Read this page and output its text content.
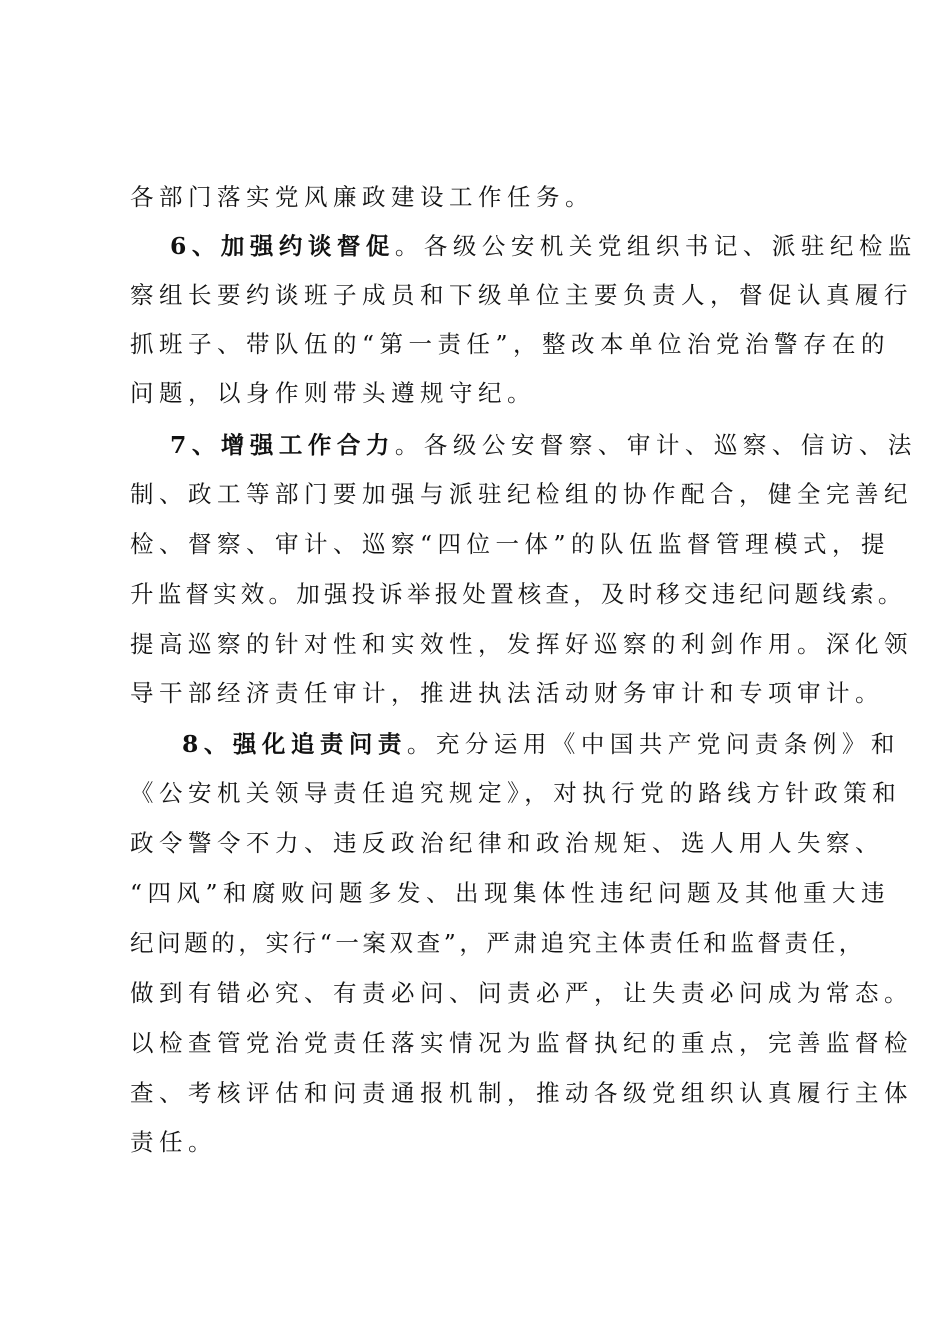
各部门落实党风廉政建设工作任务。
6、加强约谈督促。各级公安机关党组织书记、派驻纪检监
察组长要约谈班子成员和下级单位主要负责人，督促认真履行
抓班子、带队伍的“第一责任”，整改本单位治党治警存在的
问题，以身作则带头遵规守纪。
7、增强工作合力。各级公安督察、审计、巡察、信访、法
制、政工等部门要加强与派驻纪检组的协作配合，健全完善纪
检、督察、审计、巡察“四位一体”的队伍监督管理模式，提
升监督实效。加强投诉举报处置核查，及时移交违纪问题线索。
提高巡察的针对性和实效性，发挥好巡察的利剑作用。深化领
导干部经济责任审计，推进执法活动财务审计和专项审计。
8、强化追责问责。充分运用《中国共产党问责条例》和
《公安机关领导责任追究规定》，对执行党的路线方针政策和
政令警令不力、违反政治纪律和政治规矩、选人用人失察、
“四风”和腐败问题多发、出现集体性违纪问题及其他重大违
纪问题的，实行“一案双查”，严肃追究主体责任和监督责任，
做到有错必究、有责必问、问责必严，让失责必问成为常态。
以检查管党治党责任落实情况为监督执纪的重点，完善监督检
查、考核评估和问责通报机制，推动各级党组织认真履行主体
责任。
